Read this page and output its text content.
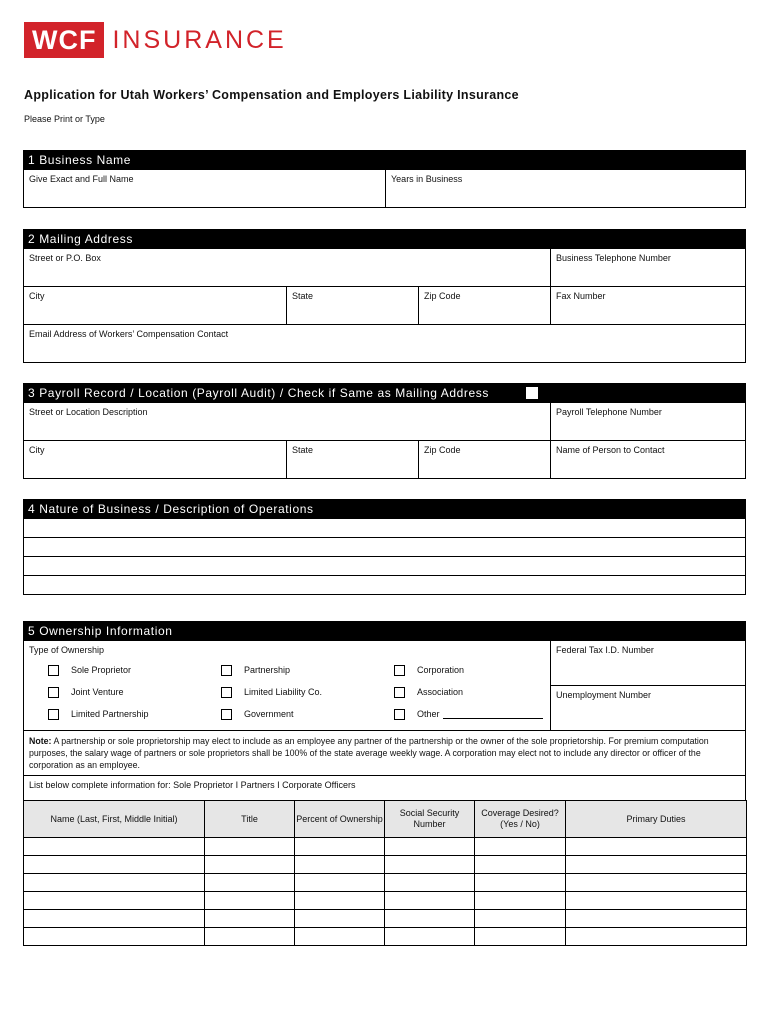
WCF INSURANCE
Application for Utah Workers’ Compensation and Employers Liability Insurance
Please Print or Type
1 Business Name
Give Exact and Full Name	Years in Business
2 Mailing Address
Street or P.O. Box	Business Telephone Number
City	State	Zip Code	Fax Number
Email Address of Workers’ Compensation Contact
3 Payroll Record / Location (Payroll Audit) / Check if Same as Mailing Address
Street or Location Description	Payroll Telephone Number
City	State	Zip Code	Name of Person to Contact
4 Nature of Business / Description of Operations
5 Ownership Information
Type of Ownership
Sole Proprietor	Partnership	Corporation
Joint Venture	Limited Liability Co.	Association
Limited Partnership	Government	Other
Federal Tax I.D. Number
Unemployment Number
Note: A partnership or sole proprietorship may elect to include as an employee any partner of the partnership or the owner of the sole proprietorship. For premium computation purposes, the salary wage of partners or sole proprietors shall be 100% of the state average weekly wage. A corporation may elect not to include any director or officer of the corporation as an employee.
List below complete information for: Sole Proprietor I Partners I Corporate Officers
Name (Last, First, Middle Initial)	Title	Percent of Ownership	Social Security Number	Coverage Desired? (Yes / No)	Primary Duties
